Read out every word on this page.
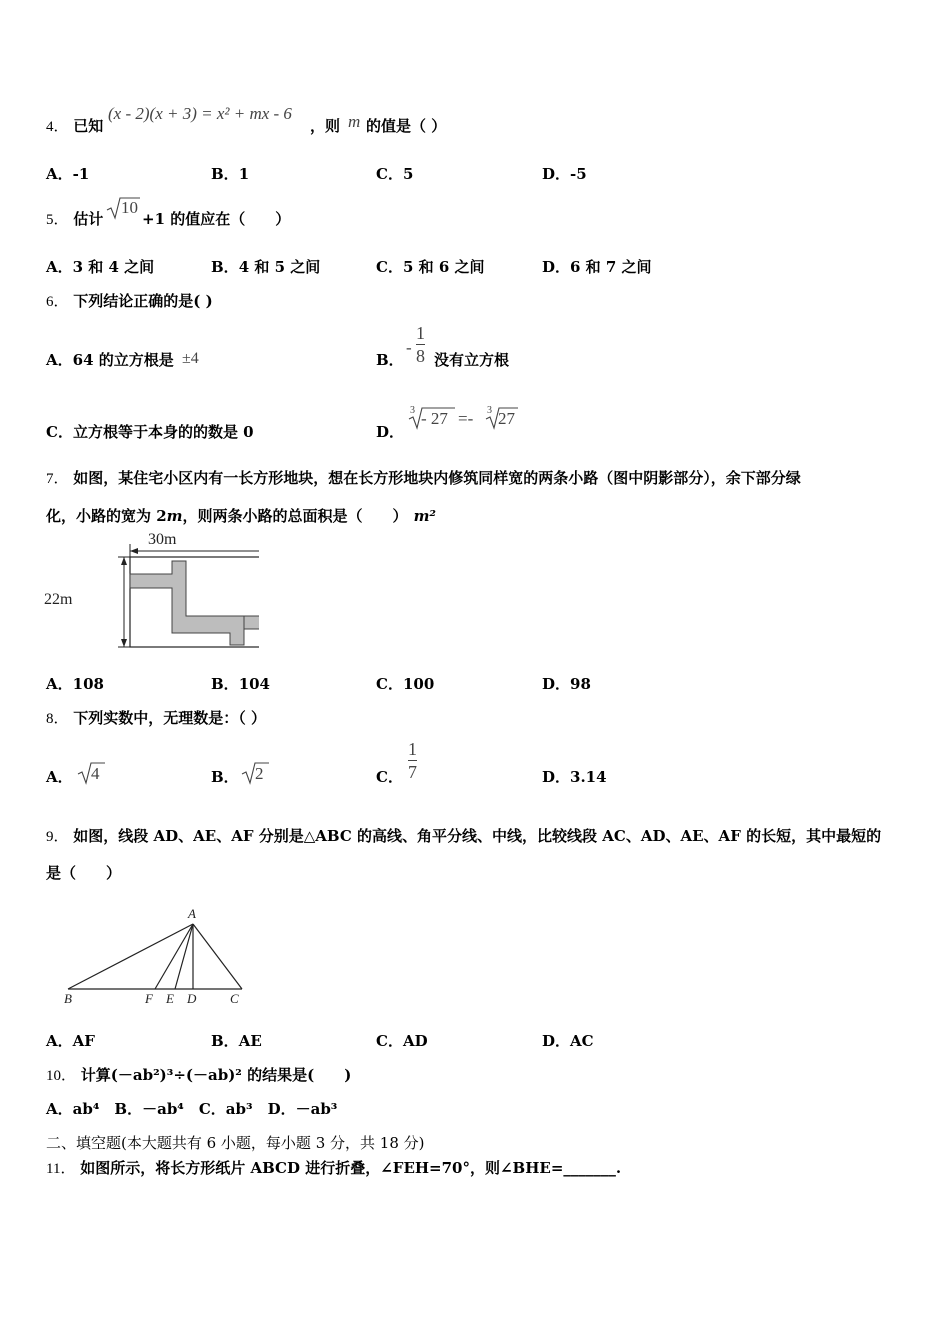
4． 已知
(x - 2)(x + 3) = x² + mx - 6
，则 m 的值是（ ）
A．-1	B．1	C．5	D．-5
5． 估计
10
+1 的值应在（　　）
A．3 和 4 之间	B．4 和 5 之间	C．5 和 6 之间	D．6 和 7 之间
6． 下列结论正确的是( )
A．64 的立方根是 ±4	B．
- $\frac{1}{8}$ 没有立方根
C．立方根等于本身的的数是 0	D．
3 - 27 =- 3 27
7． 如图，某住宅小区内有一长方形地块，想在长方形地块内修筑同样宽的两条小路（图中阴影部分），余下部分绿
化，小路的宽为 2m，则两条小路的总面积是（　　） m²
30m
22m
A．108	B．104	C．100	D．98
8． 下列实数中，无理数是：（ ）
A． 4	B． 2	C． $\frac{1}{7}$	D．3.14
9． 如图，线段 AD、AE、AF 分别是△ABC 的高线、角平分线、中线，比较线段 AC、AD、AE、AF 的长短，其中最短的
是（　　）
A
B	F E D	C
A．AF	B．AE	C．AD	D．AC
10． 计算(－ab²)³÷(－ab)² 的结果是(　　)
A．ab⁴　B．－ab⁴　C．ab³　D．－ab³
二、填空题(本大题共有 6 小题，每小题 3 分，共 18 分)
11． 如图所示，将长方形纸片 ABCD 进行折叠，∠FEH=70°，则∠BHE=_______.
